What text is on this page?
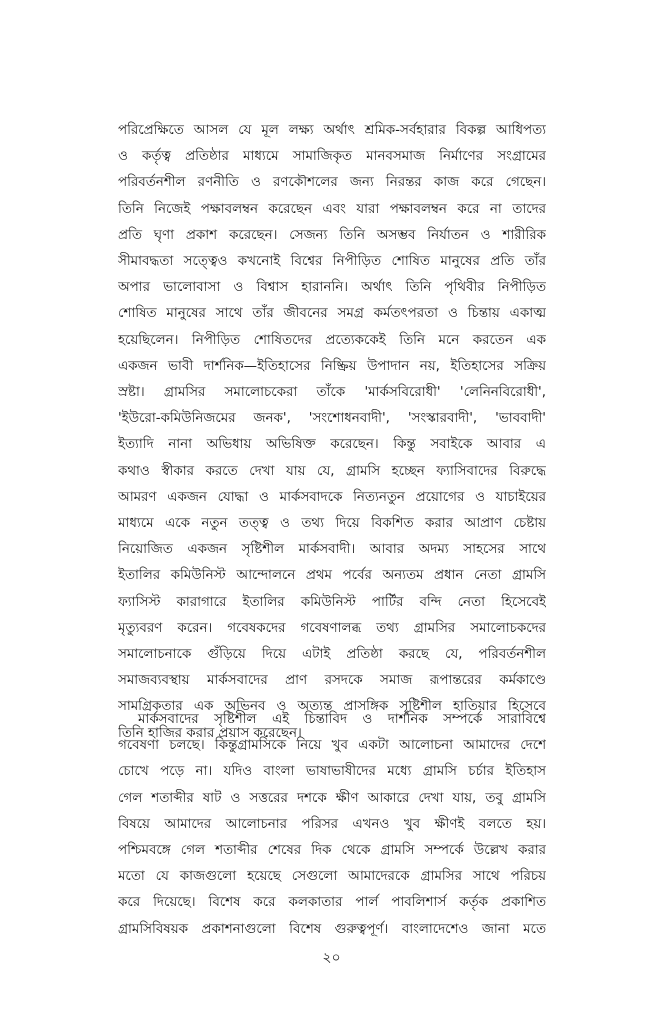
পরিপ্রেক্ষিতে আসল যে মূল লক্ষ্য অর্থাৎ শ্রমিক-সর্বহারার বিকল্প আধিপত্য

ও কর্তৃত্ব প্রতিষ্ঠার মাধ্যমে সামাজিকৃত মানবসমাজ নির্মাণের সংগ্রামের

পরিবর্তনশীল রণনীতি ও রণকৌশলের জন্য নিরন্তর কাজ করে গেছেন।

তিনি নিজেই পক্ষাবলম্বন করেছেন এবং যারা পক্ষাবলম্বন করে না তাদের

প্রতি ঘৃণা প্রকাশ করেছেন। সেজন্য তিনি অসম্ভব নির্যাতন ও শারীরিক

সীমাবদ্ধতা সত্ত্বেও কখনোই বিশ্বের নিপীড়িত শোষিত মানুষের প্রতি তাঁর

অপার ভালোবাসা ও বিশ্বাস হারাননি। অর্থাৎ তিনি পৃথিবীর নিপীড়িত

শোষিত মানুষের সাথে তাঁর জীবনের সমগ্র কর্মতৎপরতা ও চিন্তায় একাত্ম

হয়েছিলেন। নিপীড়িত শোষিতদের প্রত্যেককেই তিনি মনে করতেন এক

একজন ভাবী দার্শনিক—ইতিহাসের নিষ্ক্রিয় উপাদান নয়, ইতিহাসের সক্রিয়

স্রষ্টা। গ্রামসির সমালোচকেরা তাঁকে 'মার্কসবিরোধী' 'লেনিনবিরোধী',

'ইউরো-কমিউনিজমের জনক', 'সংশোধনবাদী', 'সংস্কারবাদী', 'ভাববাদী'

ইত্যাদি নানা অভিধায় অভিষিক্ত করেছেন। কিন্তু সবাইকে আবার এ

কথাও স্বীকার করতে দেখা যায় যে, গ্রামসি হচ্ছেন ফ্যাসিবাদের বিরুদ্ধে

আমরণ একজন যোদ্ধা ও মার্কসবাদকে নিত্যনতুন প্রয়োগের ও যাচাইয়ের

মাধ্যমে একে নতুন তত্ত্ব ও তথ্য দিয়ে বিকশিত করার আপ্রাণ চেষ্টায়

নিয়োজিত একজন সৃষ্টিশীল মার্কসবাদী। আবার অদম্য সাহসের সাথে

ইতালির কমিউনিস্ট আন্দোলনে প্রথম পর্বের অন্যতম প্রধান নেতা গ্রামসি

ফ্যাসিস্ট কারাগারে ইতালির কমিউনিস্ট পার্টির বন্দি নেতা হিসেবেই

মৃত্যুবরণ করেন। গবেষকদের গবেষণালব্ধ তথ্য গ্রামসির সমালোচকদের

সমালোচনাকে গুঁড়িয়ে দিয়ে এটাই প্রতিষ্ঠা করছে যে, পরিবর্তনশীল

সমাজব্যবস্থায় মার্কসবাদের প্রাণ রসদকে সমাজ রূপান্তরের কর্মকাণ্ডে

সামগ্রিকতার এক অভিনব ও অত্যন্ত প্রাসঙ্গিক সৃষ্টিশীল হাতিয়ার হিসেবে

তিনি হাজির করার প্রয়াস করেছেন।

মার্কসবাদের সৃষ্টিশীল এই চিন্তাবিদ ও দার্শনিক সম্পর্কে সারাবিশ্বে

গবেষণা চলছে। কিন্তুগ্রামসিকে নিয়ে খুব একটা আলোচনা আমাদের দেশে

চোখে পড়ে না। যদিও বাংলা ভাষাভাষীদের মধ্যে গ্রামসি চর্চার ইতিহাস

গেল শতাব্দীর ষাট ও সত্তরের দশকে ক্ষীণ আকারে দেখা যায়, তবু গ্রামসি

বিষয়ে আমাদের আলোচনার পরিসর এখনও খুব ক্ষীণই বলতে হয়।

পশ্চিমবঙ্গে গেল শতাব্দীর শেষের দিক থেকে গ্রামসি সম্পর্কে উল্লেখ করার

মতো যে কাজগুলো হয়েছে সেগুলো আমাদেরকে গ্রামসির সাথে পরিচয়

করে দিয়েছে। বিশেষ করে কলকাতার পার্ল পাবলিশার্স কর্তৃক প্রকাশিত

গ্রামসিবিষয়ক প্রকাশনাগুলো বিশেষ গুরুত্বপূর্ণ। বাংলাদেশেও জানা মতে

২০
